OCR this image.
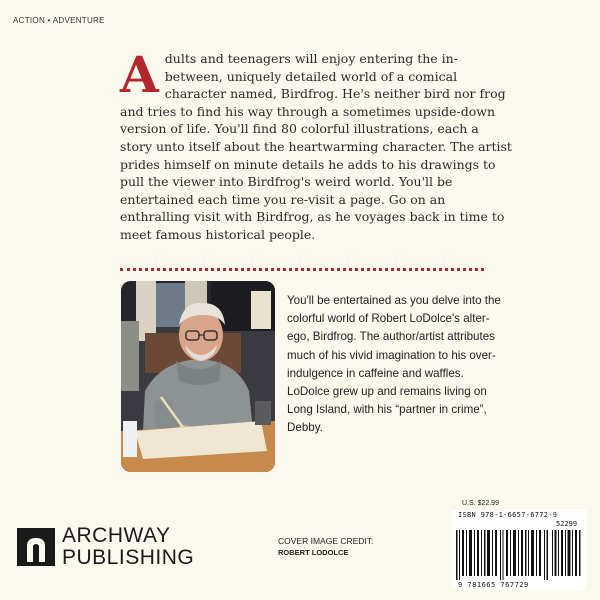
ACTION • ADVENTURE
Adults and teenagers will enjoy entering the in-between, uniquely detailed world of a comical character named, Birdfrog. He's neither bird nor frog and tries to find his way through a sometimes upside-down version of life. You'll find 80 colorful illustrations, each a story unto itself about the heartwarming character. The artist prides himself on minute details he adds to his drawings to pull the viewer into Birdfrog's weird world. You'll be entertained each time you re-visit a page. Go on an enthralling visit with Birdfrog, as he voyages back in time to meet famous historical people.
You'll be entertained as you delve into the colorful world of Robert LoDolce's alter-ego, Birdfrog. The author/artist attributes much of his vivid imagination to his over-indulgence in caffeine and waffles. LoDolce grew up and remains living on Long Island, with his “partner in crime”, Debby.
ARCHWAY
PUBLISHING
COVER IMAGE CREDIT:
ROBERT LODOLCE
U.S. $22.99
ISBN 978-1-6657-6772-9
52299
9 781665 767729
